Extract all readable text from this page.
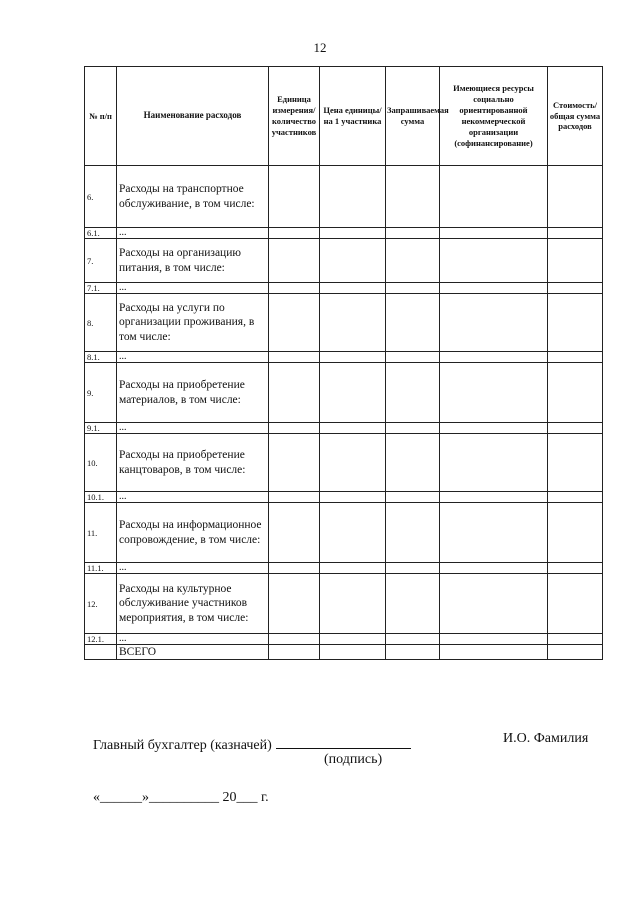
12
№ п/п	Наименование расходов	Единица измерения/ количество участников	Цена единицы/ на 1 участника	Запрашиваемая сумма	Имеющиеся ресурсы социально ориентированной некоммерческой организации (софинансирование)	Стоимость/ общая сумма расходов
6.	Расходы на транспортное обслуживание, в том числе:					
6.1.	...					
7.	Расходы на организацию питания, в том числе:					
7.1.	...					
8.	Расходы на услуги по организации проживания, в том числе:					
8.1.	...					
9.	Расходы на приобретение материалов, в том числе:					
9.1.	...					
10.	Расходы на приобретение канцтоваров, в том числе:					
10.1.	...					
11.	Расходы на информационное сопровождение, в том числе:					
11.1.	...					
12.	Расходы на культурное обслуживание участников мероприятия, в том числе:					
12.1.	...					
	ВСЕГО					
Главный бухгалтер (казначей)	И.О. Фамилия
(подпись)
«______»__________ 20___ г.
